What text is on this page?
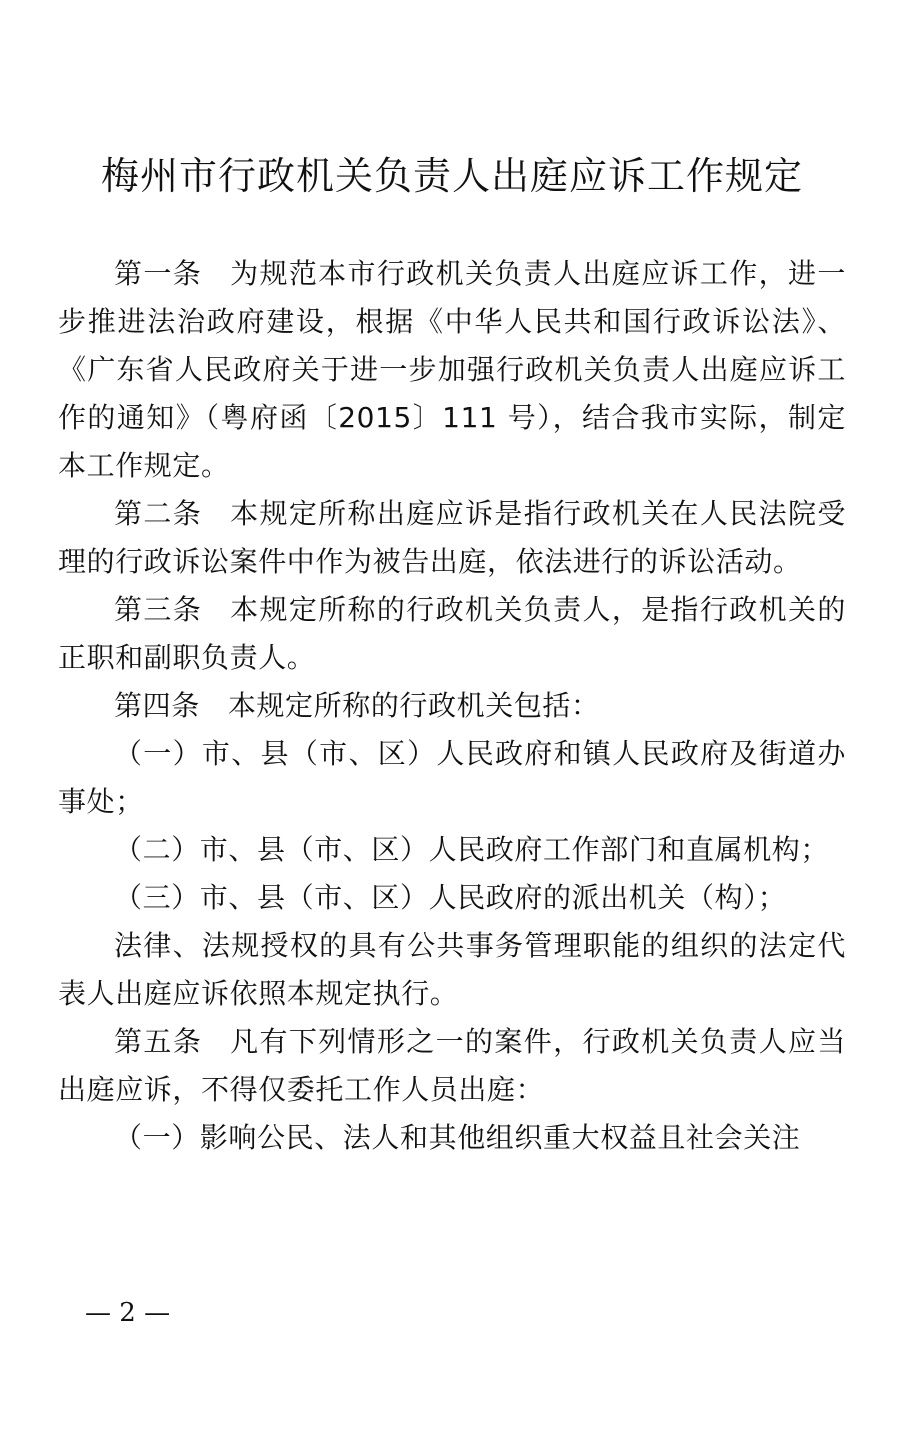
梅州市行政机关负责人出庭应诉工作规定

第一条 为规范本市行政机关负责人出庭应诉工作，进一步推进法治政府建设，根据《中华人民共和国行政诉讼法》、《广东省人民政府关于进一步加强行政机关负责人出庭应诉工作的通知》（粤府函〔2015〕111 号），结合我市实际，制定本工作规定。

第二条 本规定所称出庭应诉是指行政机关在人民法院受理的行政诉讼案件中作为被告出庭，依法进行的诉讼活动。

第三条 本规定所称的行政机关负责人，是指行政机关的正职和副职负责人。

第四条 本规定所称的行政机关包括：

（一）市、县（市、区）人民政府和镇人民政府及街道办事处；

（二）市、县（市、区）人民政府工作部门和直属机构；

（三）市、县（市、区）人民政府的派出机关（构）；

法律、法规授权的具有公共事务管理职能的组织的法定代表人出庭应诉依照本规定执行。

第五条 凡有下列情形之一的案件，行政机关负责人应当出庭应诉，不得仅委托工作人员出庭：

（一）影响公民、法人和其他组织重大权益且社会关注

— 2 —
